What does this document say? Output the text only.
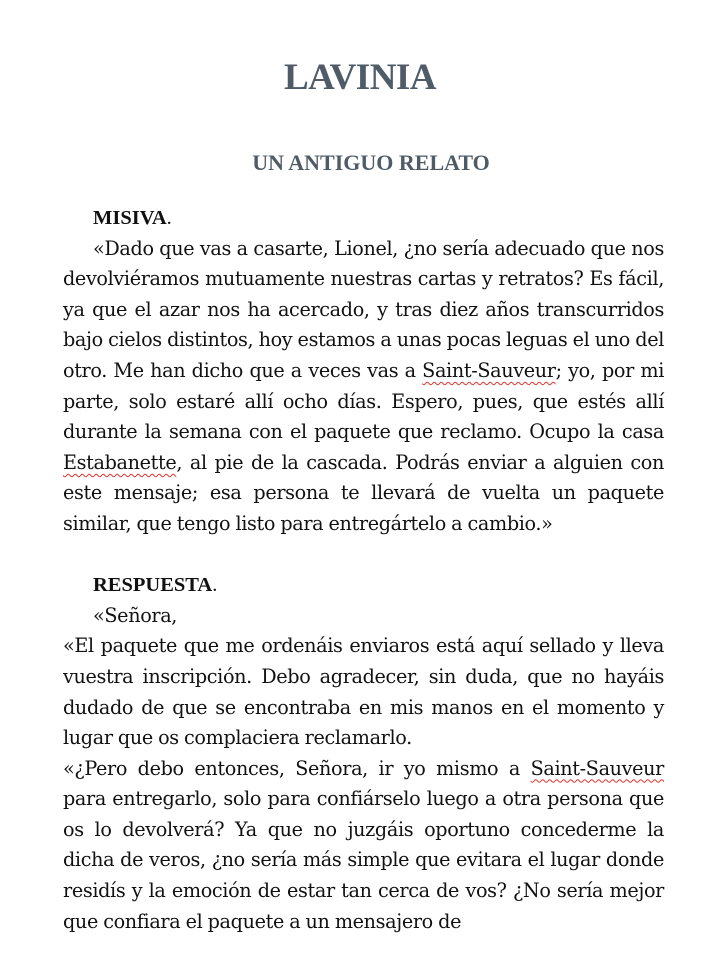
LAVINIA
UN ANTIGUO RELATO

MISIVA.

«Dado que vas a casarte, Lionel, ¿no sería adecuado que nos devolviéramos mutuamente nuestras cartas y retratos? Es fácil, ya que el azar nos ha acercado, y tras diez años transcurridos bajo cielos distintos, hoy estamos a unas pocas leguas el uno del otro. Me han dicho que a veces vas a Saint-Sauveur; yo, por mi parte, solo estaré allí ocho días. Espero, pues, que estés allí durante la semana con el paquete que reclamo. Ocupo la casa Estabanette, al pie de la cascada. Podrás enviar a alguien con este mensaje; esa persona te llevará de vuelta un paquete similar, que tengo listo para entregártelo a cambio.»

RESPUESTA.

«Señora,

«El paquete que me ordenáis enviaros está aquí sellado y lleva vuestra inscripción. Debo agradecer, sin duda, que no hayáis dudado de que se encontraba en mis manos en el momento y lugar que os complaciera reclamarlo.

«¿Pero debo entonces, Señora, ir yo mismo a Saint-Sauveur para entregarlo, solo para confiárselo luego a otra persona que os lo devolverá? Ya que no juzgáis oportuno concederme la dicha de veros, ¿no sería más simple que evitara el lugar donde residís y la emoción de estar tan cerca de vos? ¿No sería mejor que confiara el paquete a un mensajero de
